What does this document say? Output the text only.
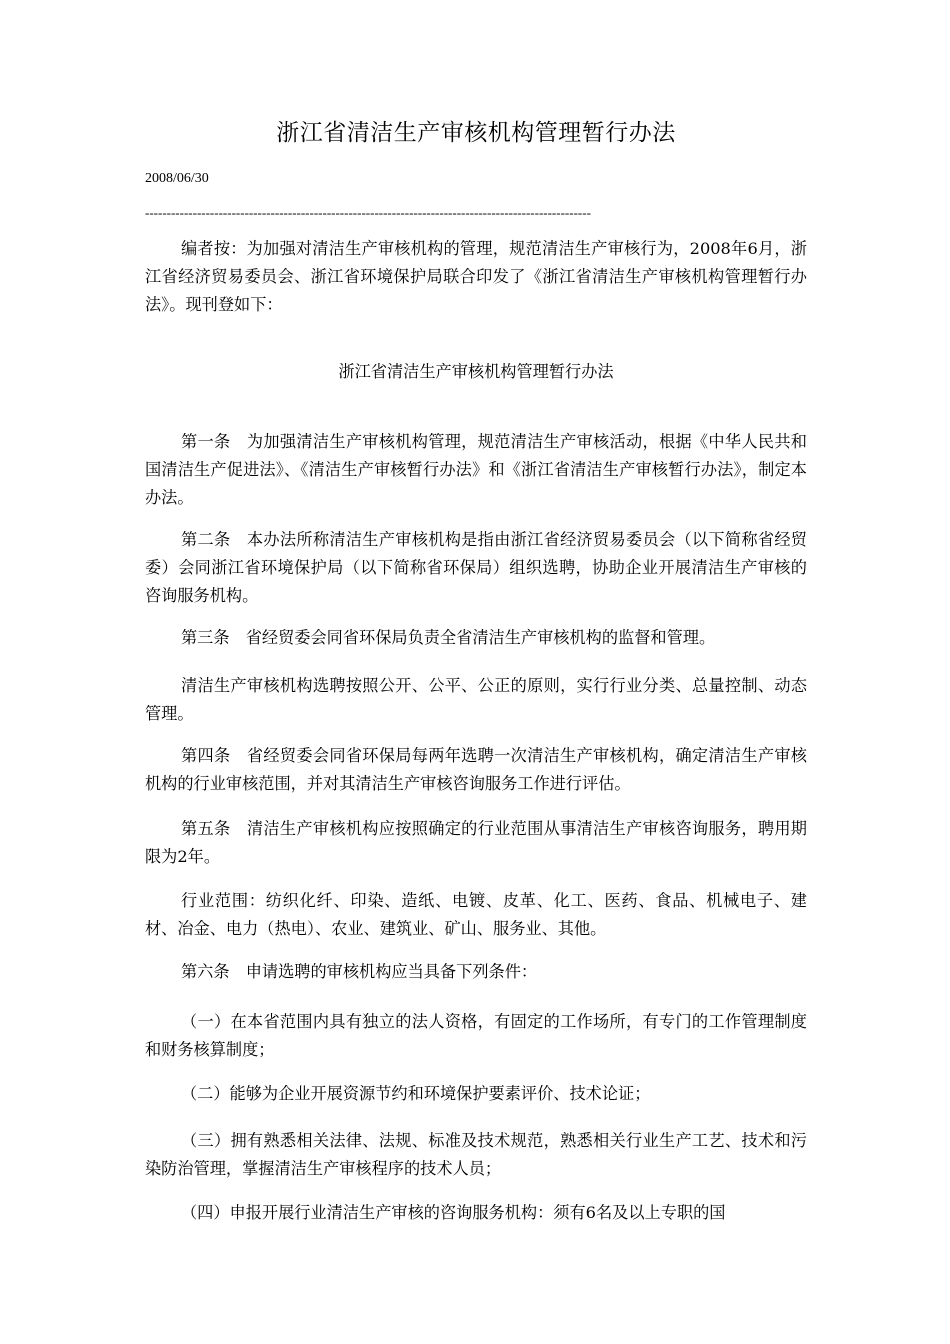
浙江省清洁生产审核机构管理暂行办法
2008/06/30
-------------------------------------------------------------------------------------------------------

编者按：为加强对清洁生产审核机构的管理，规范清洁生产审核行为，2008年6月，浙江省经济贸易委员会、浙江省环境保护局联合印发了《浙江省清洁生产审核机构管理暂行办法》。现刊登如下：

浙江省清洁生产审核机构管理暂行办法

第一条　为加强清洁生产审核机构管理，规范清洁生产审核活动，根据《中华人民共和国清洁生产促进法》、《清洁生产审核暂行办法》和《浙江省清洁生产审核暂行办法》，制定本办法。

第二条　本办法所称清洁生产审核机构是指由浙江省经济贸易委员会（以下简称省经贸委）会同浙江省环境保护局（以下简称省环保局）组织选聘，协助企业开展清洁生产审核的咨询服务机构。

第三条　省经贸委会同省环保局负责全省清洁生产审核机构的监督和管理。

清洁生产审核机构选聘按照公开、公平、公正的原则，实行行业分类、总量控制、动态管理。

第四条　省经贸委会同省环保局每两年选聘一次清洁生产审核机构，确定清洁生产审核机构的行业审核范围，并对其清洁生产审核咨询服务工作进行评估。

第五条　清洁生产审核机构应按照确定的行业范围从事清洁生产审核咨询服务，聘用期限为2年。

行业范围：纺织化纤、印染、造纸、电镀、皮革、化工、医药、食品、机械电子、建材、冶金、电力（热电）、农业、建筑业、矿山、服务业、其他。

第六条　申请选聘的审核机构应当具备下列条件：

（一）在本省范围内具有独立的法人资格，有固定的工作场所，有专门的工作管理制度和财务核算制度；

（二）能够为企业开展资源节约和环境保护要素评价、技术论证；

（三）拥有熟悉相关法律、法规、标准及技术规范，熟悉相关行业生产工艺、技术和污染防治管理，掌握清洁生产审核程序的技术人员；

（四）申报开展行业清洁生产审核的咨询服务机构：须有6名及以上专职的国
